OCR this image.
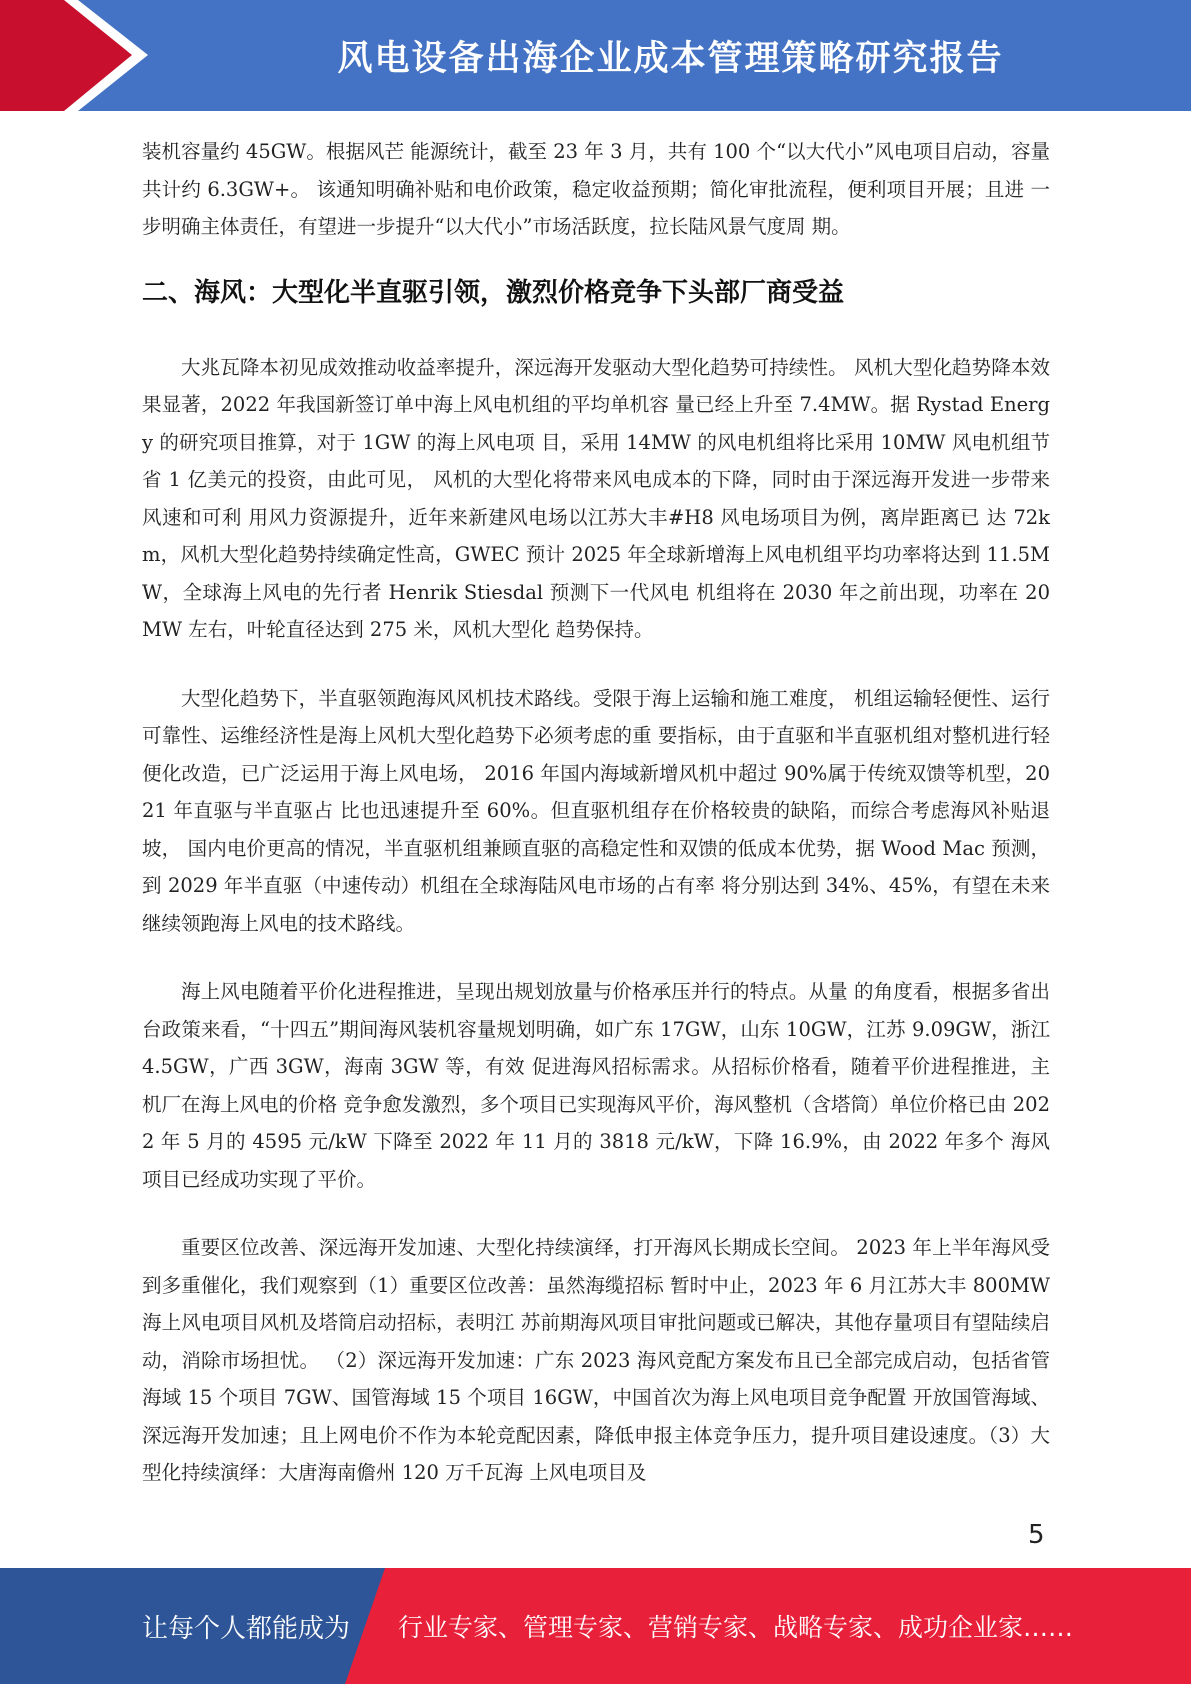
风电设备出海企业成本管理策略研究报告

装机容量约 45GW。根据风芒 能源统计，截至 23 年 3 月，共有 100 个“以大代小”风电项目启动，容量共计约 6.3GW+。 该通知明确补贴和电价政策，稳定收益预期；简化审批流程，便利项目开展；且进 一步明确主体责任，有望进一步提升“以大代小”市场活跃度，拉长陆风景气度周 期。

二、海风：大型化半直驱引领，激烈价格竞争下头部厂商受益

大兆瓦降本初见成效推动收益率提升，深远海开发驱动大型化趋势可持续性。 风机大型化趋势降本效果显著，2022 年我国新签订单中海上风电机组的平均单机容 量已经上升至 7.4MW。据 Rystad Energy 的研究项目推算，对于 1GW 的海上风电项 目，采用 14MW 的风电机组将比采用 10MW 风电机组节省 1 亿美元的投资，由此可见， 风机的大型化将带来风电成本的下降，同时由于深远海开发进一步带来风速和可利 用风力资源提升，近年来新建风电场以江苏大丰#H8 风电场项目为例，离岸距离已 达 72km，风机大型化趋势持续确定性高，GWEC 预计 2025 年全球新增海上风电机组平均功率将达到 11.5MW，全球海上风电的先行者 Henrik Stiesdal 预测下一代风电 机组将在 2030 年之前出现，功率在 20MW 左右，叶轮直径达到 275 米，风机大型化 趋势保持。

大型化趋势下，半直驱领跑海风风机技术路线。受限于海上运输和施工难度， 机组运输轻便性、运行可靠性、运维经济性是海上风机大型化趋势下必须考虑的重 要指标，由于直驱和半直驱机组对整机进行轻便化改造，已广泛运用于海上风电场， 2016 年国内海域新增风机中超过 90%属于传统双馈等机型，2021 年直驱与半直驱占 比也迅速提升至 60%。但直驱机组存在价格较贵的缺陷，而综合考虑海风补贴退坡， 国内电价更高的情况，半直驱机组兼顾直驱的高稳定性和双馈的低成本优势，据 Wood Mac 预测，到 2029 年半直驱（中速传动）机组在全球海陆风电市场的占有率 将分别达到 34%、45%，有望在未来继续领跑海上风电的技术路线。

海上风电随着平价化进程推进，呈现出规划放量与价格承压并行的特点。从量 的角度看，根据多省出台政策来看，“十四五”期间海风装机容量规划明确，如广东 17GW，山东 10GW，江苏 9.09GW，浙江 4.5GW，广西 3GW，海南 3GW 等，有效 促进海风招标需求。从招标价格看，随着平价进程推进，主机厂在海上风电的价格 竞争愈发激烈，多个项目已实现海风平价，海风整机（含塔筒）单位价格已由 2022 年 5 月的 4595 元/kW 下降至 2022 年 11 月的 3818 元/kW，下降 16.9%，由 2022 年多个 海风项目已经成功实现了平价。

重要区位改善、深远海开发加速、大型化持续演绎，打开海风长期成长空间。 2023 年上半年海风受到多重催化，我们观察到（1）重要区位改善：虽然海缆招标 暂时中止，2023 年 6 月江苏大丰 800MW 海上风电项目风机及塔筒启动招标，表明江 苏前期海风项目审批问题或已解决，其他存量项目有望陆续启动，消除市场担忧。 （2）深远海开发加速：广东 2023 海风竞配方案发布且已全部完成启动，包括省管 海域 15 个项目 7GW、国管海域 15 个项目 16GW，中国首次为海上风电项目竞争配置 开放国管海域、深远海开发加速；且上网电价不作为本轮竞配因素，降低申报主体竞争压力，提升项目建设速度。（3）大型化持续演绎：大唐海南儋州 120 万千瓦海 上风电项目及

5
让每个人都能成为 行业专家、管理专家、营销专家、战略专家、成功企业家……
